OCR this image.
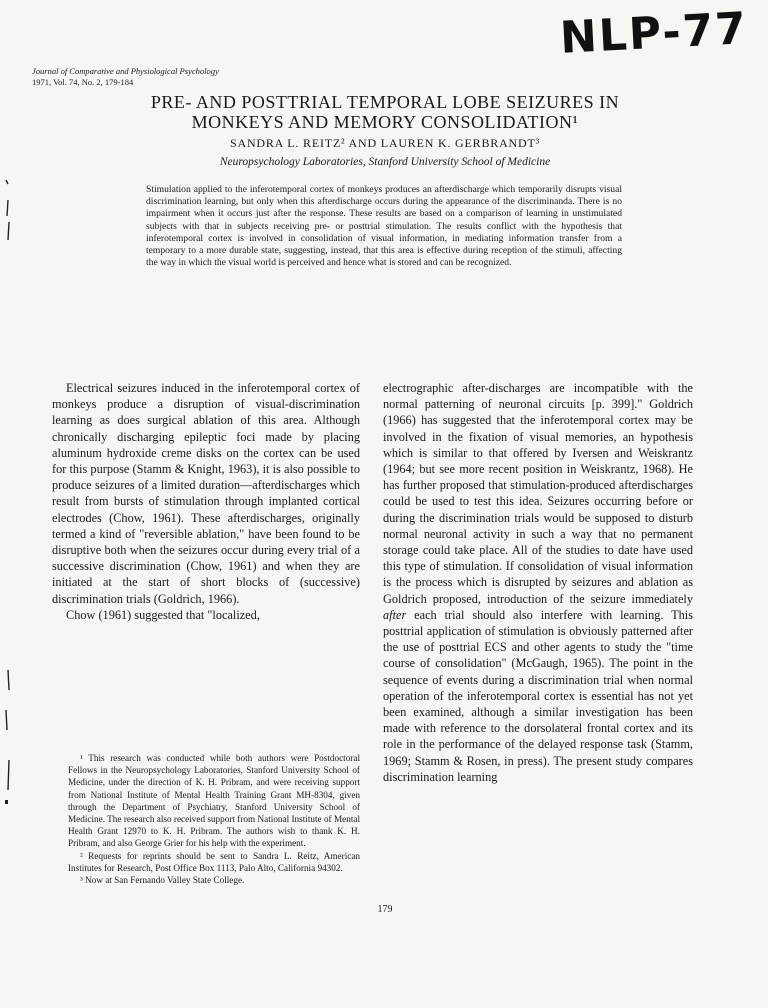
NLP-77
Journal of Comparative and Physiological Psychology
1971, Vol. 74, No. 2, 179-184
PRE- AND POSTTRIAL TEMPORAL LOBE SEIZURES IN
MONKEYS AND MEMORY CONSOLIDATION¹
SANDRA L. REITZ² AND LAUREN K. GERBRANDT³
Neuropsychology Laboratories, Stanford University School of Medicine
Stimulation applied to the inferotemporal cortex of monkeys produces an afterdischarge which temporarily disrupts visual discrimination learning, but only when this afterdischarge occurs during the appearance of the discriminanda. There is no impairment when it occurs just after the response. These results are based on a comparison of learning in unstimulated subjects with that in subjects receiving pre- or posttrial stimulation. The results conflict with the hypothesis that inferotemporal cortex is involved in consolidation of visual information, in mediating information transfer from a temporary to a more durable state, suggesting, instead, that this area is effective during reception of the stimuli, affecting the way in which the visual world is perceived and hence what is stored and can be recognized.

Electrical seizures induced in the inferotemporal cortex of monkeys produce a disruption of visual-discrimination learning as does surgical ablation of this area. Although chronically discharging epileptic foci made by placing aluminum hydroxide creme disks on the cortex can be used for this purpose (Stamm & Knight, 1963), it is also possible to produce seizures of a limited duration—afterdischarges which result from bursts of stimulation through implanted cortical electrodes (Chow, 1961). These afterdischarges, originally termed a kind of "reversible ablation," have been found to be disruptive both when the seizures occur during every trial of a successive discrimination (Chow, 1961) and when they are initiated at the start of short blocks of (successive) discrimination trials (Goldrich, 1966).

Chow (1961) suggested that "localized,

¹ This research was conducted while both authors were Postdoctoral Fellows in the Neuropsychology Laboratories, Stanford University School of Medicine, under the direction of K. H. Pribram, and were receiving support from National Institute of Mental Health Training Grant MH-8304, given through the Department of Psychiatry, Stanford University School of Medicine. The research also received support from National Institute of Mental Health Grant 12970 to K. H. Pribram. The authors wish to thank K. H. Pribram, and also George Grier for his help with the experiment.

² Requests for reprints should be sent to Sandra L. Reitz, American Institutes for Research, Post Office Box 1113, Palo Alto, California 94302.

³ Now at San Fernando Valley State College.

electrographic after-discharges are incompatible with the normal patterning of neuronal circuits [p. 399]." Goldrich (1966) has suggested that the inferotemporal cortex may be involved in the fixation of visual memories, an hypothesis which is similar to that offered by Iversen and Weiskrantz (1964; but see more recent position in Weiskrantz, 1968). He has further proposed that stimulation-produced afterdischarges could be used to test this idea. Seizures occurring before or during the discrimination trials would be supposed to disturb normal neuronal activity in such a way that no permanent storage could take place. All of the studies to date have used this type of stimulation. If consolidation of visual information is the process which is disrupted by seizures and ablation as Goldrich proposed, introduction of the seizure immediately after each trial should also interfere with learning. This posttrial application of stimulation is obviously patterned after the use of posttrial ECS and other agents to study the "time course of consolidation" (McGaugh, 1965). The point in the sequence of events during a discrimination trial when normal operation of the inferotemporal cortex is essential has not yet been examined, although a similar investigation has been made with reference to the dorsolateral frontal cortex and its role in the performance of the delayed response task (Stamm, 1969; Stamm & Rosen, in press). The present study compares discrimination learning

179
